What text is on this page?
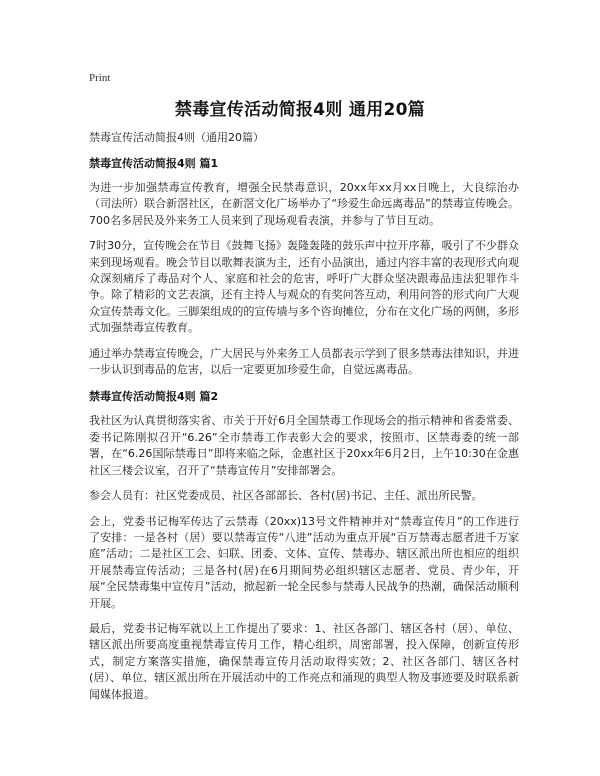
Print

禁毒宣传活动简报4则 通用20篇

禁毒宣传活动简报4则（通用20篇）

禁毒宣传活动简报4则 篇1

为进一步加强禁毒宣传教育，增强全民禁毒意识，20xx年xx月xx日晚上，大良综治办（司法所）联合新滘社区，在新滘文化广场举办了“珍爱生命远离毒品”的禁毒宣传晚会。700名多居民及外来务工人员来到了现场观看表演，并参与了节目互动。

7时30分，宣传晚会在节目《鼓舞飞扬》轰隆轰隆的鼓乐声中拉开序幕，吸引了不少群众来到现场观看。晚会节目以歌舞表演为主，还有小品演出，通过内容丰富的表现形式向观众深刻痛斥了毒品对个人、家庭和社会的危害，呼吁广大群众坚决跟毒品违法犯罪作斗争。除了精彩的文艺表演，还有主持人与观众的有奖问答互动，利用问答的形式向广大观众宣传禁毒文化。三脚架组成的的宣传墙与多个咨询摊位，分布在文化广场的两侧，多形式加强禁毒宣传教育。

通过举办禁毒宣传晚会，广大居民与外来务工人员都表示学到了很多禁毒法律知识，并进一步认识到毒品的危害，以后一定要更加珍爱生命，自觉远离毒品。

禁毒宣传活动简报4则 篇2

我社区为认真贯彻落实省、市关于开好6月全国禁毒工作现场会的指示精神和省委常委、委书记陈刚拟召开“6.26”全市禁毒工作表彰大会的要求，按照市、区禁毒委的统一部署，在“6.26国际禁毒日”即将来临之际，金惠社区于20xx年6月2日，上午10:30在金惠社区三楼会议室，召开了“禁毒宣传月”安排部署会。

参会人员有：社区党委成员、社区各部部长、各村(居)书记、主任、派出所民警。

会上，党委书记梅军传达了云禁毒（20xx)13号文件精神并对“禁毒宣传月”的工作进行了安排：一是各村（居）要以禁毒宣传“八进”活动为重点开展“百万禁毒志愿者进千万家庭”活动；二是社区工会、妇联、团委、文体、宣传、禁毒办、辖区派出所也相应的组织开展禁毒宣传活动；三是各村(居)在6月期间势必组织辖区志愿者、党员、青少年，开展“全民禁毒集中宣传月”活动，掀起新一轮全民参与禁毒人民战争的热潮，确保活动顺利开展。

最后，党委书记梅军就以上工作提出了要求：1、社区各部门、辖区各村（居）、单位、辖区派出所要高度重视禁毒宣传月工作，精心组织，周密部署，投入保障，创新宣传形式，制定方案落实措施，确保禁毒宣传月活动取得实效；2、社区各部门、辖区各村(居）、单位、辖区派出所在开展活动中的工作亮点和涌现的典型人物及事迹要及时联系新闻媒体报道。
